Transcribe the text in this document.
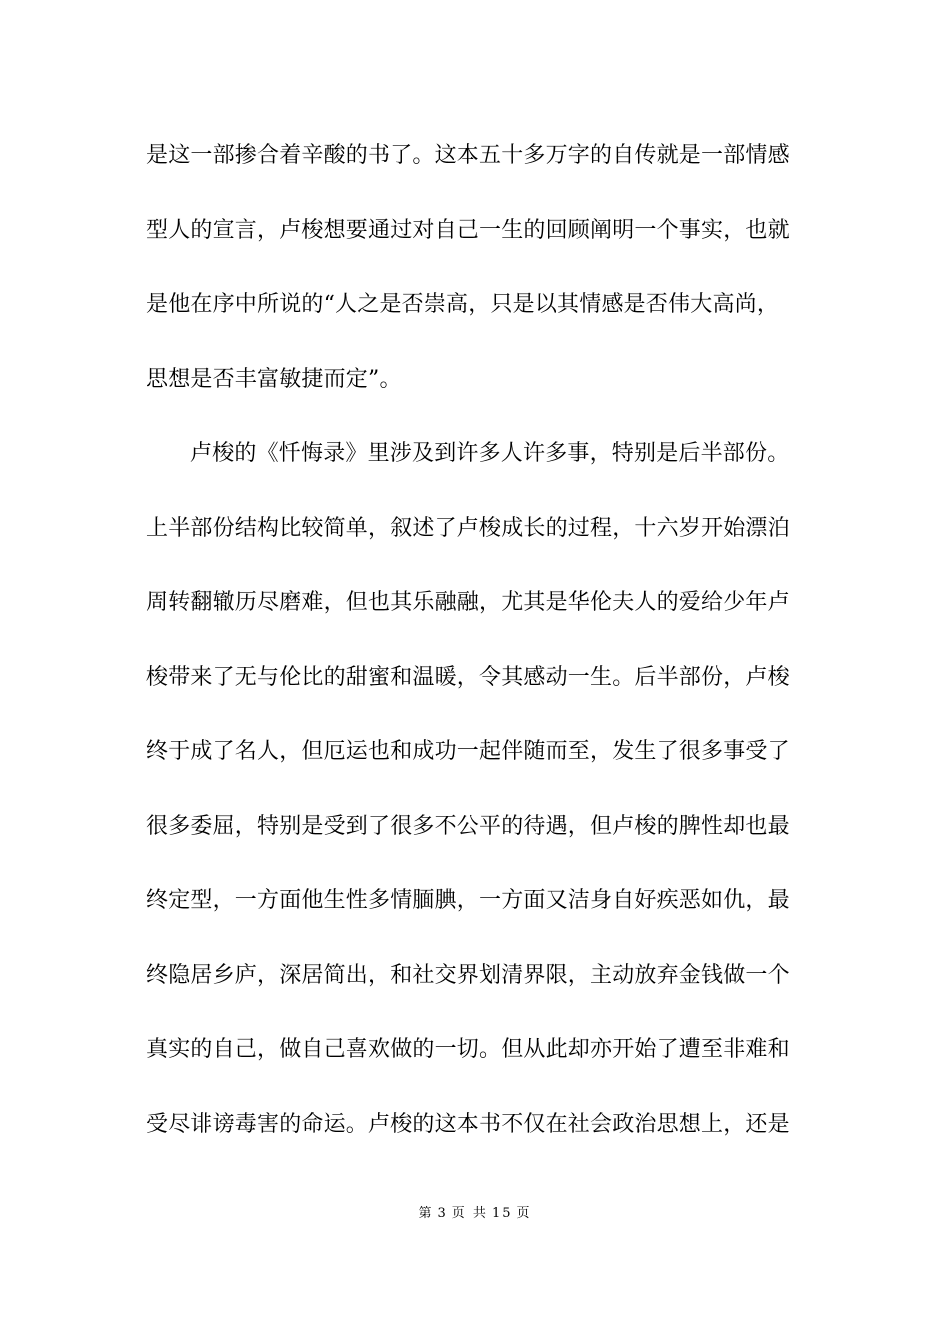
是这一部掺合着辛酸的书了。这本五十多万字的自传就是一部情感
型人的宣言，卢梭想要通过对自己一生的回顾阐明一个事实，也就
是他在序中所说的“人之是否崇高，只是以其情感是否伟大高尚，
思想是否丰富敏捷而定”。
卢梭的《忏悔录》里涉及到许多人许多事，特别是后半部份。
上半部份结构比较简单，叙述了卢梭成长的过程，十六岁开始漂泊
周转翻辙历尽磨难，但也其乐融融，尤其是华伦夫人的爱给少年卢
梭带来了无与伦比的甜蜜和温暖，令其感动一生。后半部份，卢梭
终于成了名人，但厄运也和成功一起伴随而至，发生了很多事受了
很多委屈，特别是受到了很多不公平的待遇，但卢梭的脾性却也最
终定型，一方面他生性多情腼腆，一方面又洁身自好疾恶如仇，最
终隐居乡庐，深居简出，和社交界划清界限，主动放弃金钱做一个
真实的自己，做自己喜欢做的一切。但从此却亦开始了遭至非难和
受尽诽谤毒害的命运。卢梭的这本书不仅在社会政治思想上，还是
第 3 页 共 15 页
